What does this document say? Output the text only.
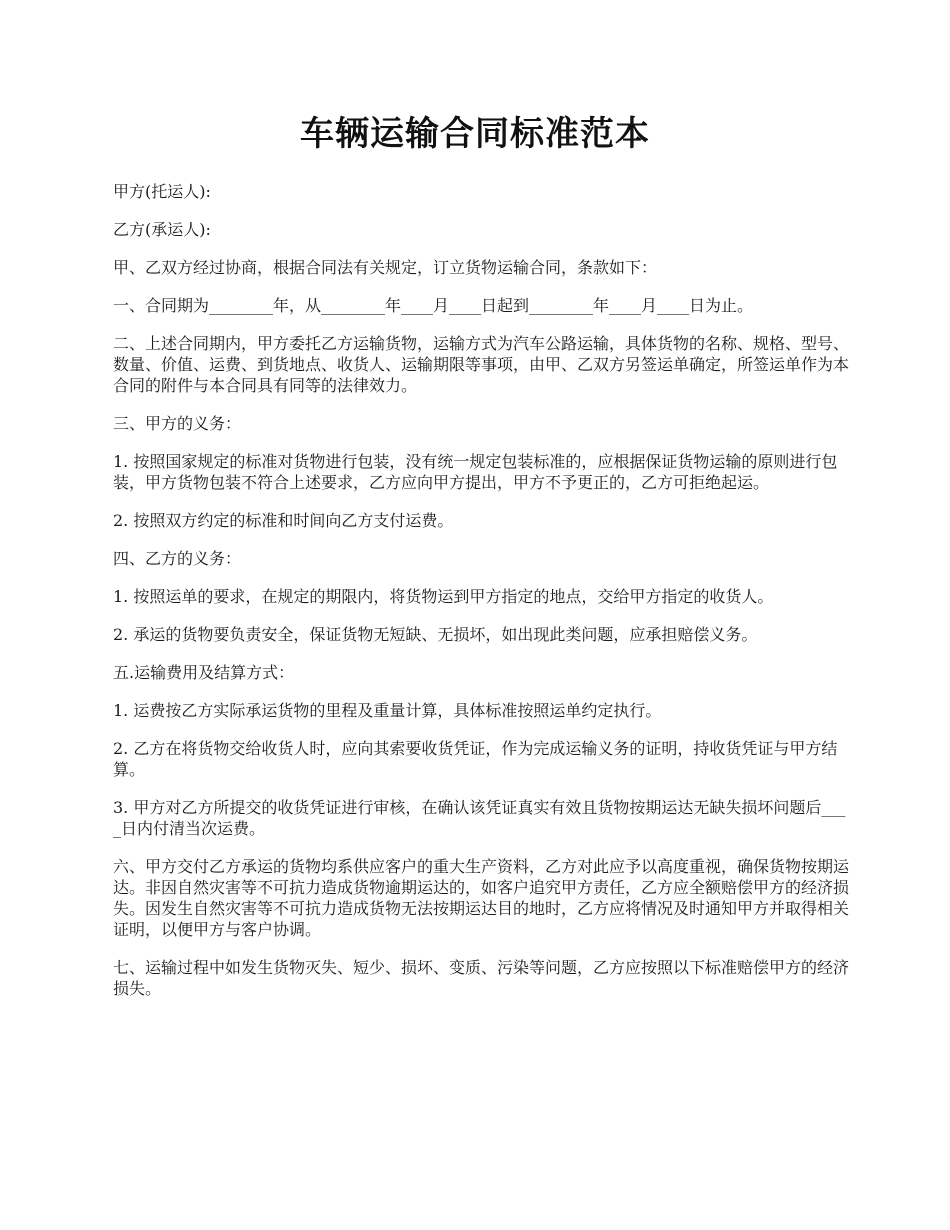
车辆运输合同标准范本

甲方(托运人):

乙方(承运人):

甲、乙双方经过协商，根据合同法有关规定，订立货物运输合同，条款如下：

一、合同期为________年，从________年____月____日起到________年____月____日为止。

二、上述合同期内，甲方委托乙方运输货物，运输方式为汽车公路运输，具体货物的名称、规格、型号、数量、价值、运费、到货地点、收货人、运输期限等事项，由甲、乙双方另签运单确定，所签运单作为本合同的附件与本合同具有同等的法律效力。

三、甲方的义务：

1. 按照国家规定的标准对货物进行包装，没有统一规定包装标准的，应根据保证货物运输的原则进行包装，甲方货物包装不符合上述要求，乙方应向甲方提出，甲方不予更正的，乙方可拒绝起运。

2. 按照双方约定的标准和时间向乙方支付运费。

四、乙方的义务：

1. 按照运单的要求，在规定的期限内，将货物运到甲方指定的地点，交给甲方指定的收货人。

2. 承运的货物要负责安全，保证货物无短缺、无损坏，如出现此类问题，应承担赔偿义务。

五.运输费用及结算方式：

1. 运费按乙方实际承运货物的里程及重量计算，具体标准按照运单约定执行。

2. 乙方在将货物交给收货人时，应向其索要收货凭证，作为完成运输义务的证明，持收货凭证与甲方结算。

3. 甲方对乙方所提交的收货凭证进行审核，在确认该凭证真实有效且货物按期运达无缺失损坏问题后____日内付清当次运费。

六、甲方交付乙方承运的货物均系供应客户的重大生产资料，乙方对此应予以高度重视，确保货物按期运达。非因自然灾害等不可抗力造成货物逾期运达的，如客户追究甲方责任，乙方应全额赔偿甲方的经济损失。因发生自然灾害等不可抗力造成货物无法按期运达目的地时，乙方应将情况及时通知甲方并取得相关证明，以便甲方与客户协调。

七、运输过程中如发生货物灭失、短少、损坏、变质、污染等问题，乙方应按照以下标准赔偿甲方的经济损失。
